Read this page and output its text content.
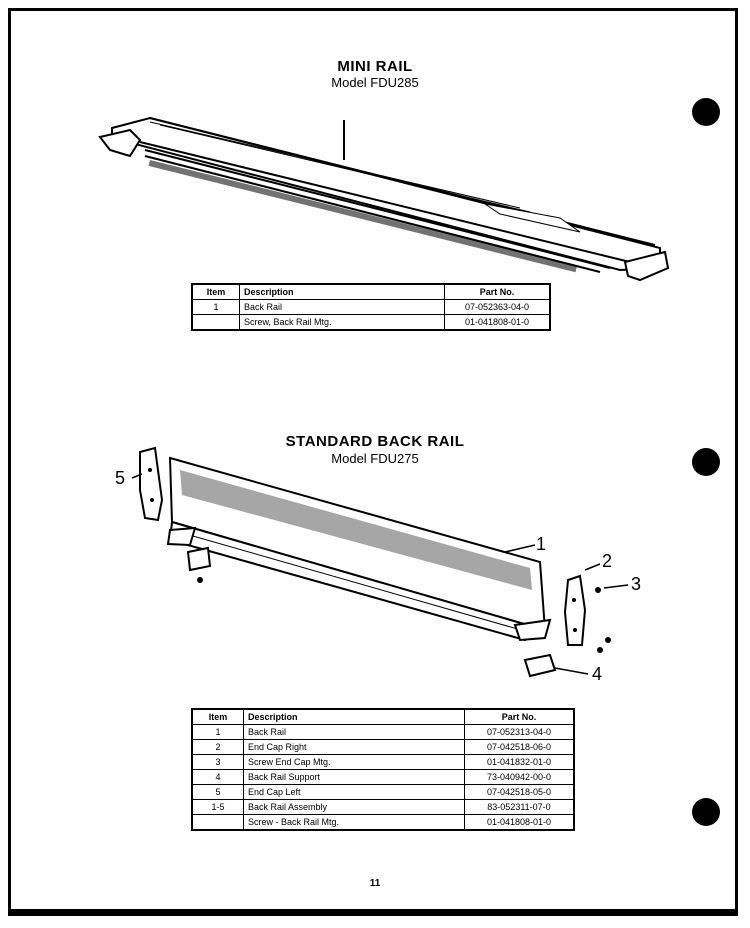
MINI RAIL
Model FDU285
Item	Description	Part No.
1	Back Rail	07-052363-04-0
	Screw, Back Rail Mtg.	01-041808-01-0
STANDARD BACK RAIL
Model FDU275
5
1
2
3
4
Item	Description	Part No.
1	Back Rail	07-052313-04-0
2	End Cap Right	07-042518-06-0
3	Screw End Cap Mtg.	01-041832-01-0
4	Back Rail Support	73-040942-00-0
5	End Cap Left	07-042518-05-0
1-5	Back Rail Assembly	83-052311-07-0
	Screw - Back Rail Mtg.	01-041808-01-0
11
